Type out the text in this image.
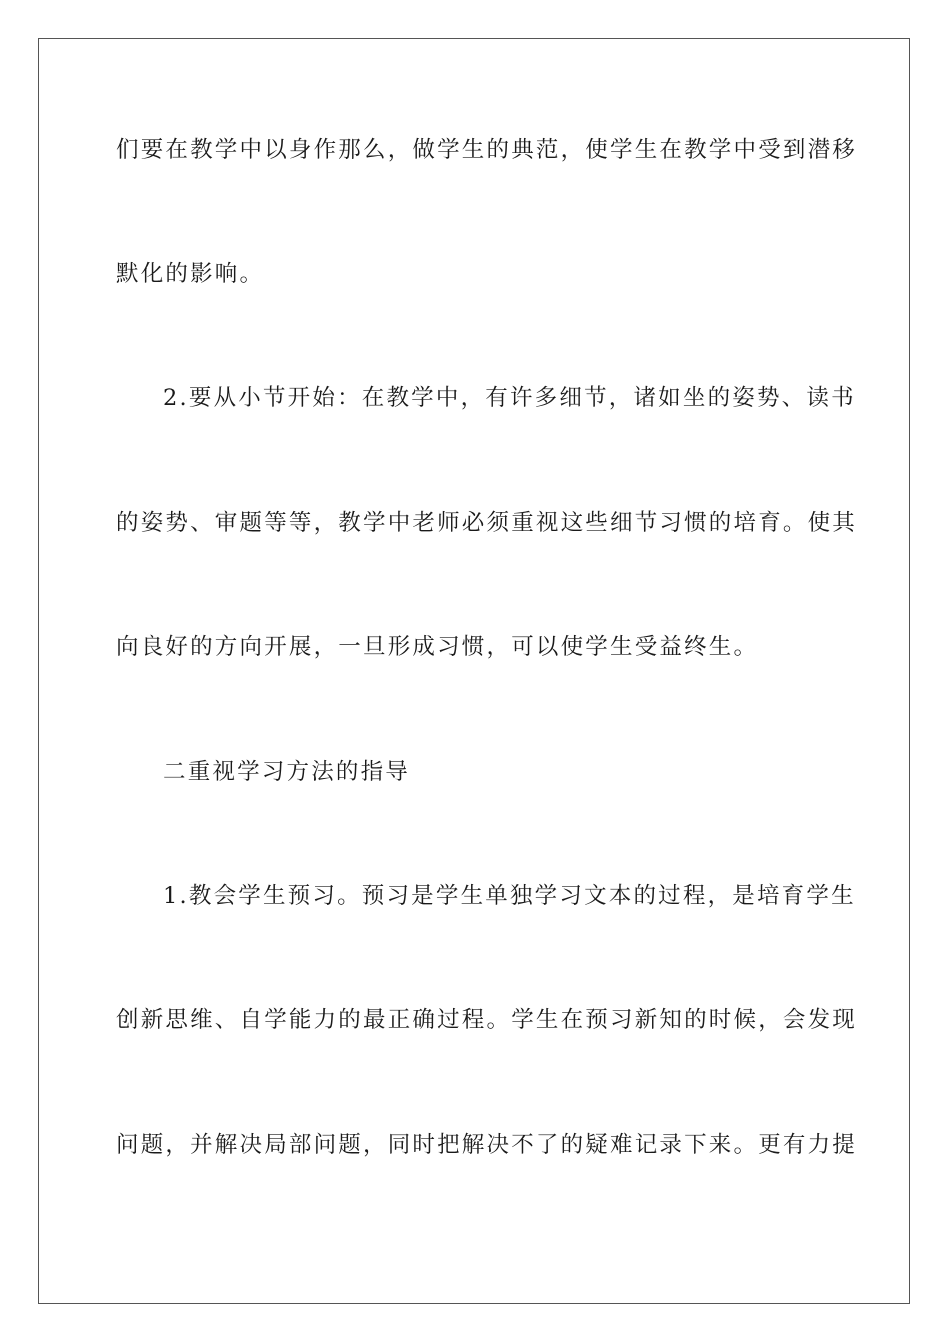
们要在教学中以身作那么，做学生的典范，使学生在教学中受到潜移
默化的影响。
2.要从小节开始：在教学中，有许多细节，诸如坐的姿势、读书
的姿势、审题等等，教学中老师必须重视这些细节习惯的培育。使其
向良好的方向开展，一旦形成习惯，可以使学生受益终生。
二重视学习方法的指导
1.教会学生预习。预习是学生单独学习文本的过程，是培育学生
创新思维、自学能力的最正确过程。学生在预习新知的时候，会发现
问题，并解决局部问题，同时把解决不了的疑难记录下来。更有力提
